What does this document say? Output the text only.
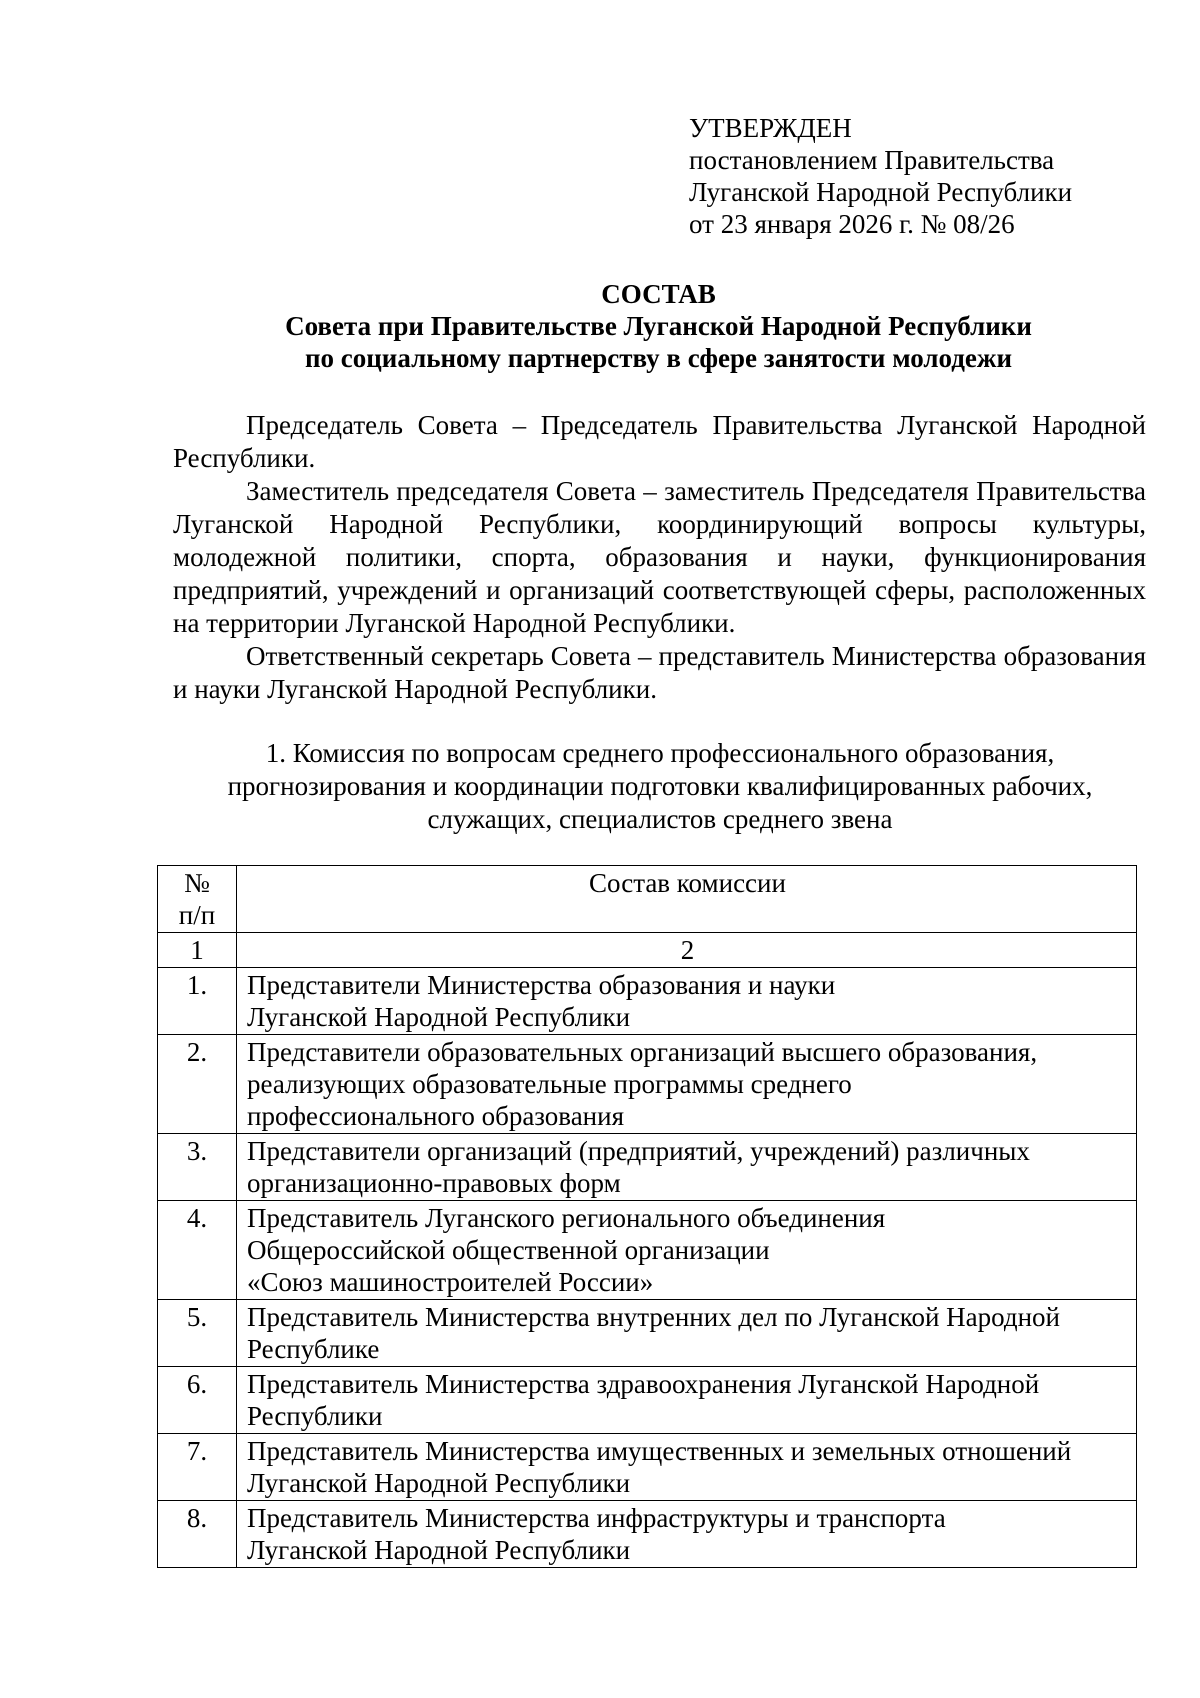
УТВЕРЖДЕН
постановлением Правительства
Луганской Народной Республики
от 23 января 2026 г. № 08/26
СОСТАВ
Совета при Правительстве Луганской Народной Республики
по социальному партнерству в сфере занятости молодежи

Председатель Совета – Председатель Правительства Луганской Народной Республики.

Заместитель председателя Совета – заместитель Председателя Правительства Луганской Народной Республики, координирующий вопросы культуры, молодежной политики, спорта, образования и науки, функционирования предприятий, учреждений и организаций соответствующей сферы, расположенных на территории Луганской Народной Республики.

Ответственный секретарь Совета – представитель Министерства образования и науки Луганской Народной Республики.

1. Комиссия по вопросам среднего профессионального образования,
прогнозирования и координации подготовки квалифицированных рабочих,
служащих, специалистов среднего звена
№
п/п	Состав комиссии
1	2
1.	Представители Министерства образования и науки
Луганской Народной Республики

2.	Представители образовательных организаций высшего образования,
реализующих образовательные программы среднего
профессионального образования

3.	Представители организаций (предприятий, учреждений) различных
организационно-правовых форм

4.	Представитель Луганского регионального объединения
Общероссийской общественной организации
«Союз машиностроителей России»

5.	Представитель Министерства внутренних дел по Луганской Народной
Республике

6.	Представитель Министерства здравоохранения Луганской Народной
Республики

7.	Представитель Министерства имущественных и земельных отношений
Луганской Народной Республики

8.	Представитель Министерства инфраструктуры и транспорта
Луганской Народной Республики
